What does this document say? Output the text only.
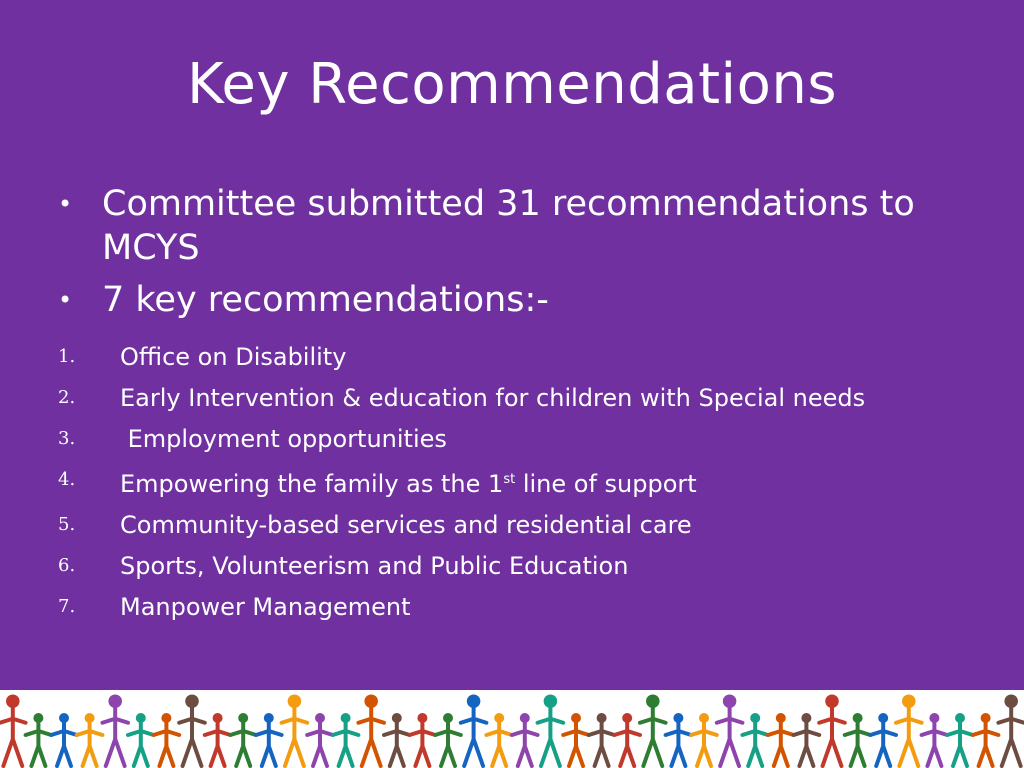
Key Recommendations
• Committee submitted 31 recommendations to MCYS
• 7 key recommendations:-
1. Office on Disability
2. Early Intervention & education for children with Special needs
3. Employment opportunities
4. Empowering the family as the 1st line of support
5. Community-based services and residential care
6. Sports, Volunteerism and Public Education
7. Manpower Management
